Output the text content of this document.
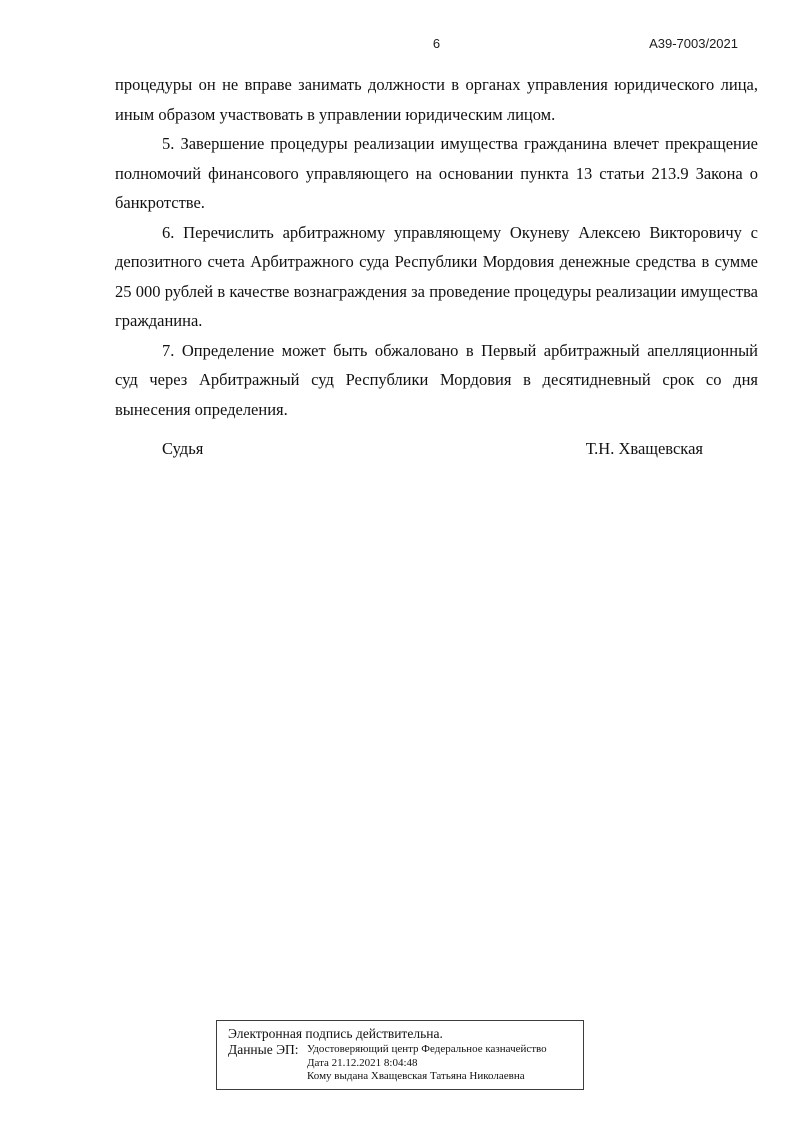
6	А39-7003/2021

процедуры он не вправе занимать должности в органах управления юридического лица, иным образом участвовать в управлении юридическим лицом.

5. Завершение процедуры реализации имущества гражданина влечет прекращение полномочий финансового управляющего на основании пункта 13 статьи 213.9 Закона о банкротстве.

6. Перечислить арбитражному управляющему Окуневу Алексею Викторовичу с депозитного счета Арбитражного суда Республики Мордовия денежные средства в сумме 25 000 рублей в качестве вознаграждения за проведение процедуры реализации имущества гражданина.

7. Определение может быть обжаловано в Первый арбитражный апелляционный суд через Арбитражный суд Республики Мордовия в десятидневный срок со дня вынесения определения.

Судья	Т.Н. Хващевская
Электронная подпись действительна.
Данные ЭП: Удостоверяющий центр Федеральное казначейство
Дата 21.12.2021 8:04:48
Кому выдана Хващевская Татьяна Николаевна
